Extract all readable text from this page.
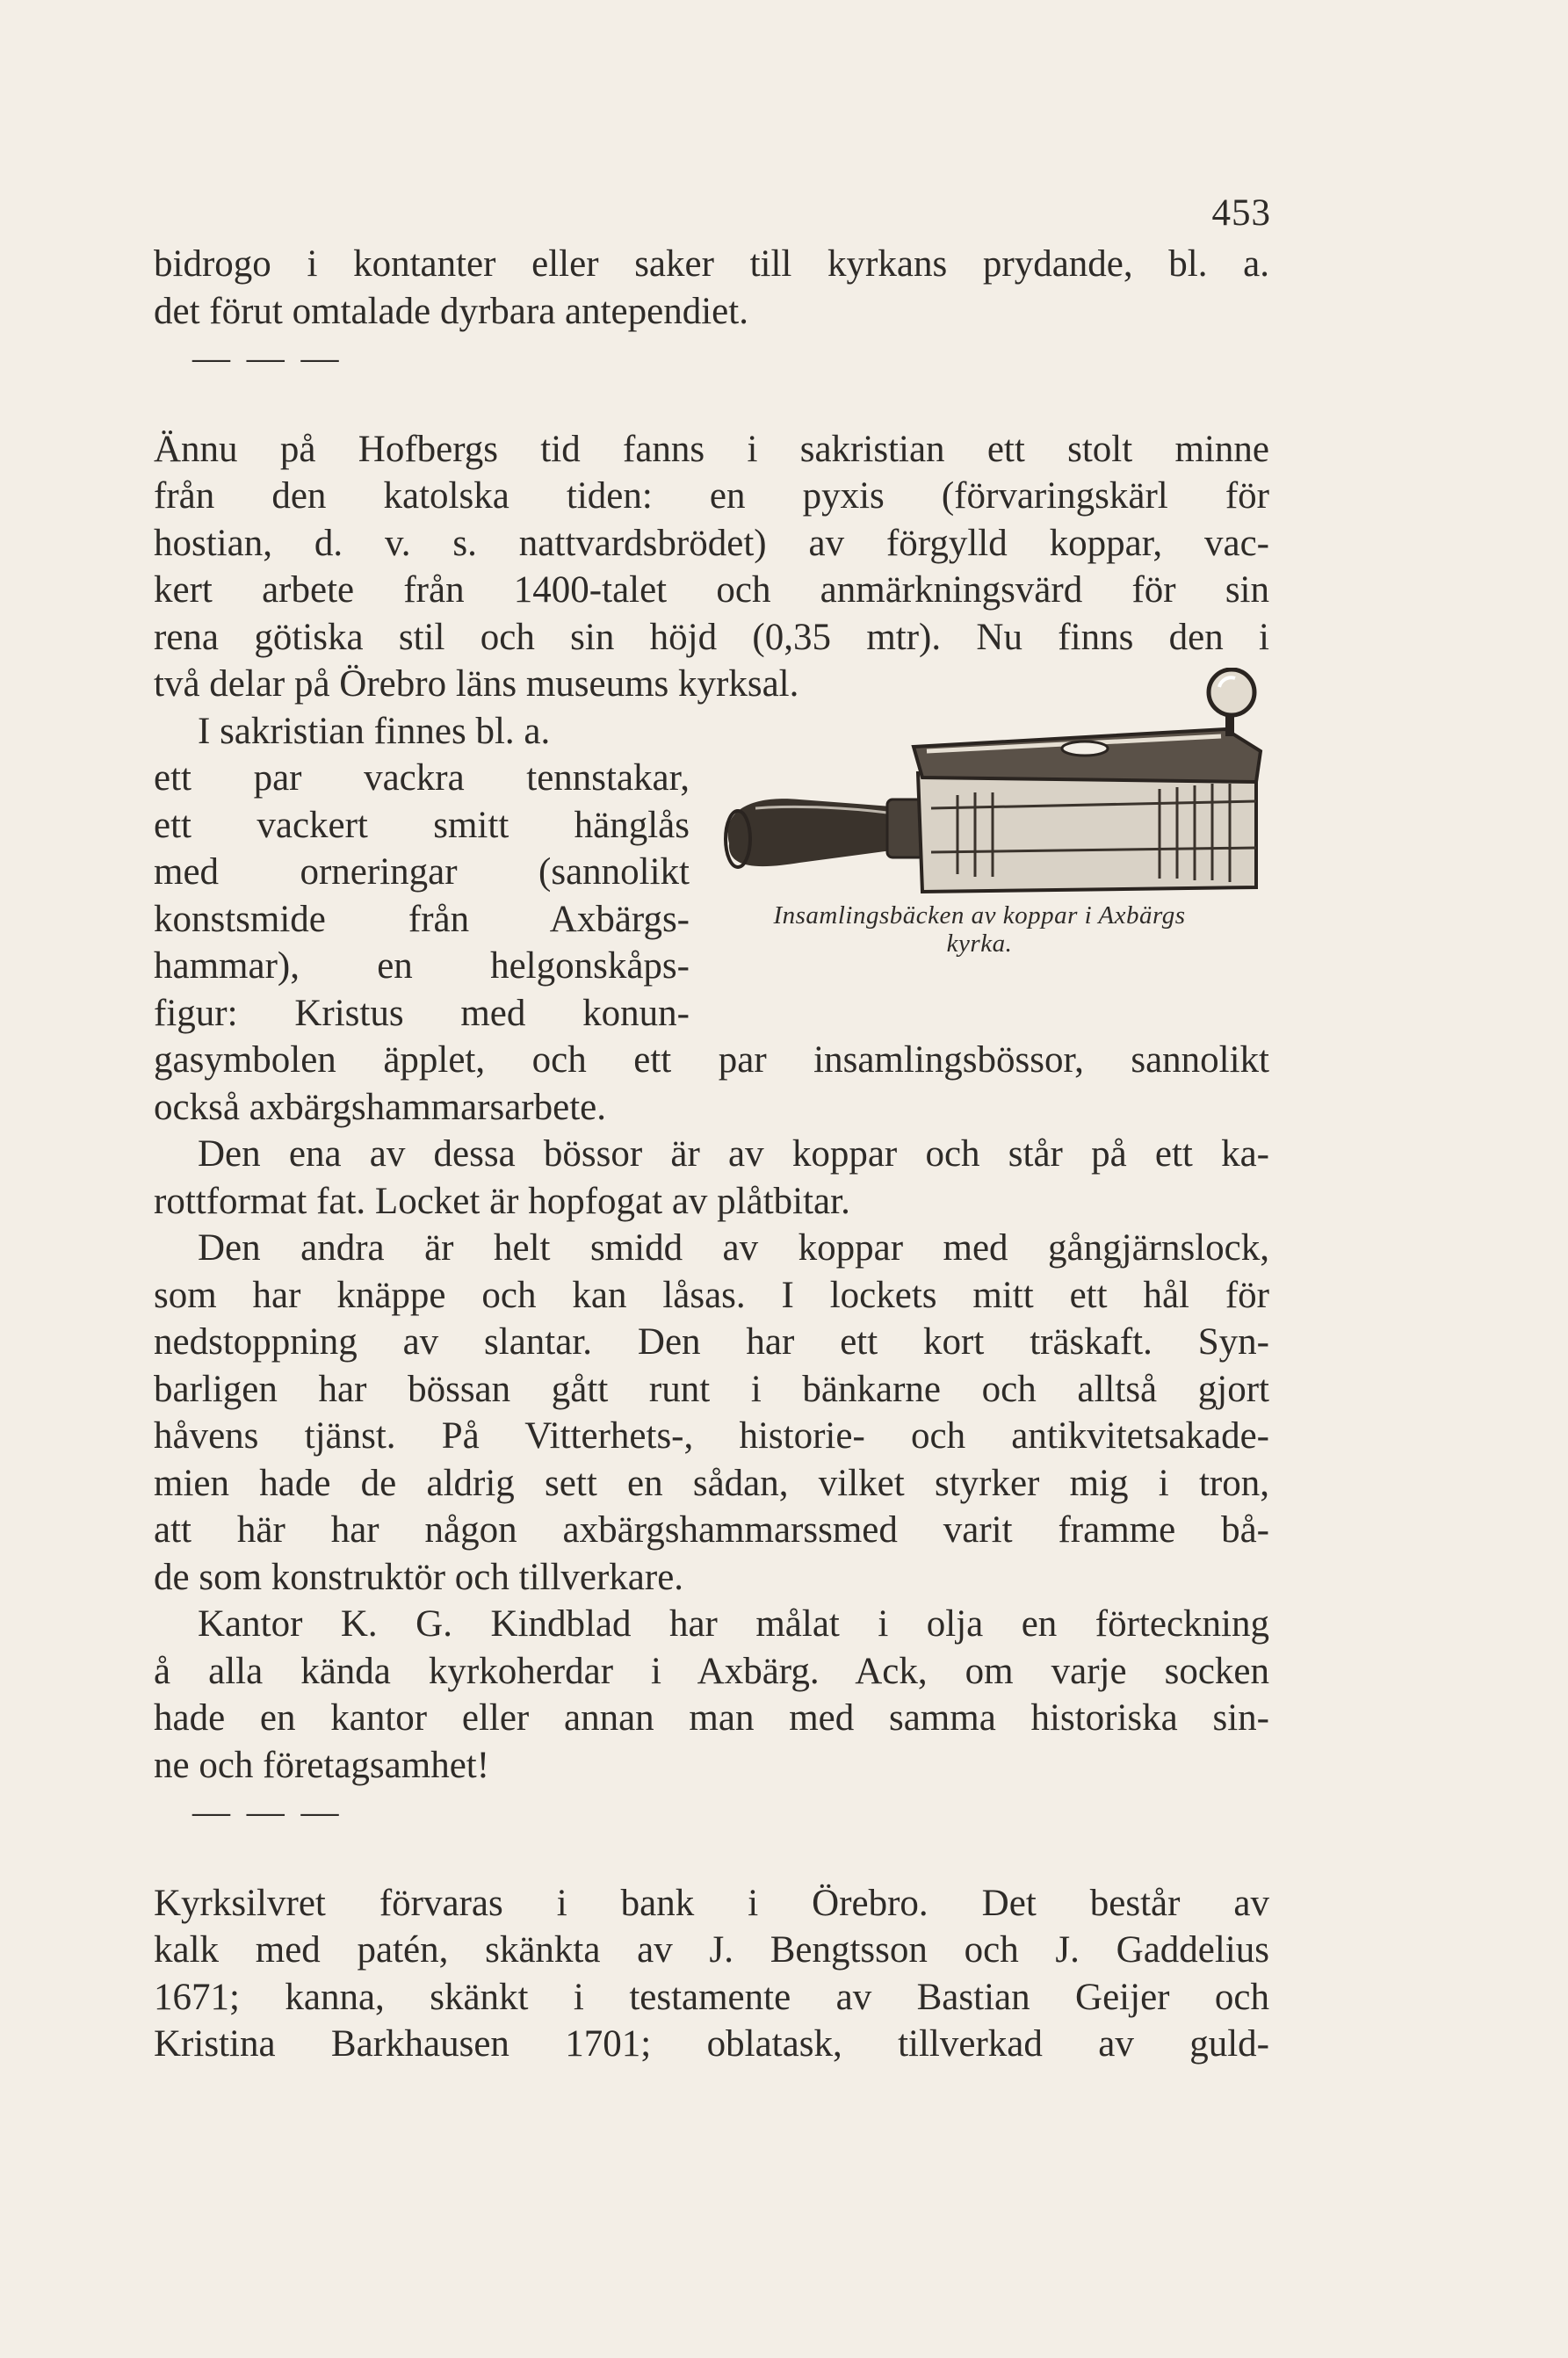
453
bidrogo i kontanter eller saker till kyrkans prydande, bl. a.
det förut omtalade dyrbara antependiet.
— — —
Ännu på Hofbergs tid fanns i sakristian ett stolt minne
från den katolska tiden: en pyxis (förvaringskärl för
hostian, d. v. s. nattvardsbrödet) av förgylld koppar, vac-
kert arbete från 1400-talet och anmärkningsvärd för sin
rena götiska stil och sin höjd (0,35 mtr). Nu finns den i
två delar på Örebro läns museums kyrksal.
I sakristian finnes bl. a.
ett par vackra tennstakar,
ett vackert smitt hänglås
med orneringar (sannolikt
konstsmide från Axbärgs-
hammar), en helgonskåps-
figur: Kristus med konun-
gasymbolen äpplet, och ett par insamlingsbössor, sannolikt
också axbärgshammarsarbete.
Den ena av dessa bössor är av koppar och står på ett ka-
rottformat fat. Locket är hopfogat av plåtbitar.
Den andra är helt smidd av koppar med gångjärnslock,
som har knäppe och kan låsas. I lockets mitt ett hål för
nedstoppning av slantar. Den har ett kort träskaft. Syn-
barligen har bössan gått runt i bänkarne och alltså gjort
håvens tjänst. På Vitterhets-, historie- och antikvitetsakade-
mien hade de aldrig sett en sådan, vilket styrker mig i tron,
att här har någon axbärgshammarssmed varit framme bå-
de som konstruktör och tillverkare.
Kantor K. G. Kindblad har målat i olja en förteckning
å alla kända kyrkoherdar i Axbärg. Ack, om varje socken
hade en kantor eller annan man med samma historiska sin-
ne och företagsamhet!
— — —
Kyrksilvret förvaras i bank i Örebro. Det består av
kalk med patén, skänkta av J. Bengtsson och J. Gaddelius
1671; kanna, skänkt i testamente av Bastian Geijer och
Kristina Barkhausen 1701; oblatask, tillverkad av guld-
Insamlingsbäcken av koppar i Axbärgs
kyrka.
